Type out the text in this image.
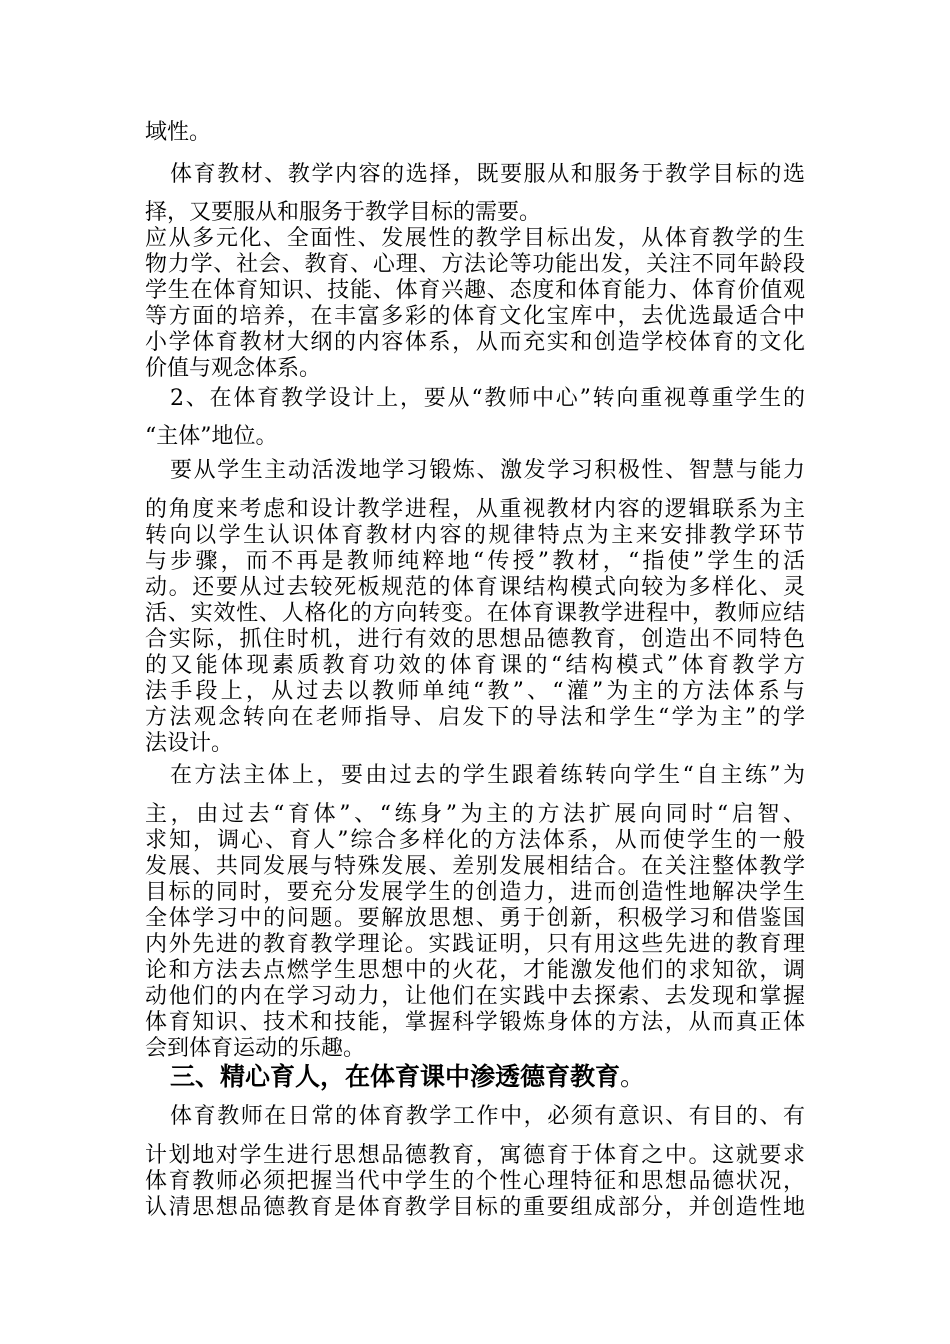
域性。
体育教材、教学内容的选择，既要服从和服务于教学目标的选
择，又要服从和服务于教学目标的需要。
应从多元化、全面性、发展性的教学目标出发，从体育教学的生
物力学、社会、教育、心理、方法论等功能出发，关注不同年龄段
学生在体育知识、技能、体育兴趣、态度和体育能力、体育价值观
等方面的培养，在丰富多彩的体育文化宝库中，去优选最适合中
小学体育教材大纲的内容体系，从而充实和创造学校体育的文化
价值与观念体系。
2、在体育教学设计上，要从“教师中心”转向重视尊重学生的
“主体”地位。
要从学生主动活泼地学习锻炼、激发学习积极性、智慧与能力
的角度来考虑和设计教学进程，从重视教材内容的逻辑联系为主
转向以学生认识体育教材内容的规律特点为主来安排教学环节
与步骤，而不再是教师纯粹地“传授”教材，“指使”学生的活
动。还要从过去较死板规范的体育课结构模式向较为多样化、灵
活、实效性、人格化的方向转变。在体育课教学进程中，教师应结
合实际，抓住时机，进行有效的思想品德教育，创造出不同特色
的又能体现素质教育功效的体育课的“结构模式”体育教学方
法手段上，从过去以教师单纯“教”、“灌”为主的方法体系与
方法观念转向在老师指导、启发下的导法和学生“学为主”的学
法设计。
在方法主体上，要由过去的学生跟着练转向学生“自主练”为
主，由过去“育体”、“练身”为主的方法扩展向同时“启智、
求知，调心、育人”综合多样化的方法体系，从而使学生的一般
发展、共同发展与特殊发展、差别发展相结合。在关注整体教学
目标的同时，要充分发展学生的创造力，进而创造性地解决学生
全体学习中的问题。要解放思想、勇于创新，积极学习和借鉴国
内外先进的教育教学理论。实践证明，只有用这些先进的教育理
论和方法去点燃学生思想中的火花，才能激发他们的求知欲，调
动他们的内在学习动力，让他们在实践中去探索、去发现和掌握
体育知识、技术和技能，掌握科学锻炼身体的方法，从而真正体
会到体育运动的乐趣。
三、精心育人，在体育课中渗透德育教育。
体育教师在日常的体育教学工作中，必须有意识、有目的、有
计划地对学生进行思想品德教育，寓德育于体育之中。这就要求
体育教师必须把握当代中学生的个性心理特征和思想品德状况，
认清思想品德教育是体育教学目标的重要组成部分，并创造性地
